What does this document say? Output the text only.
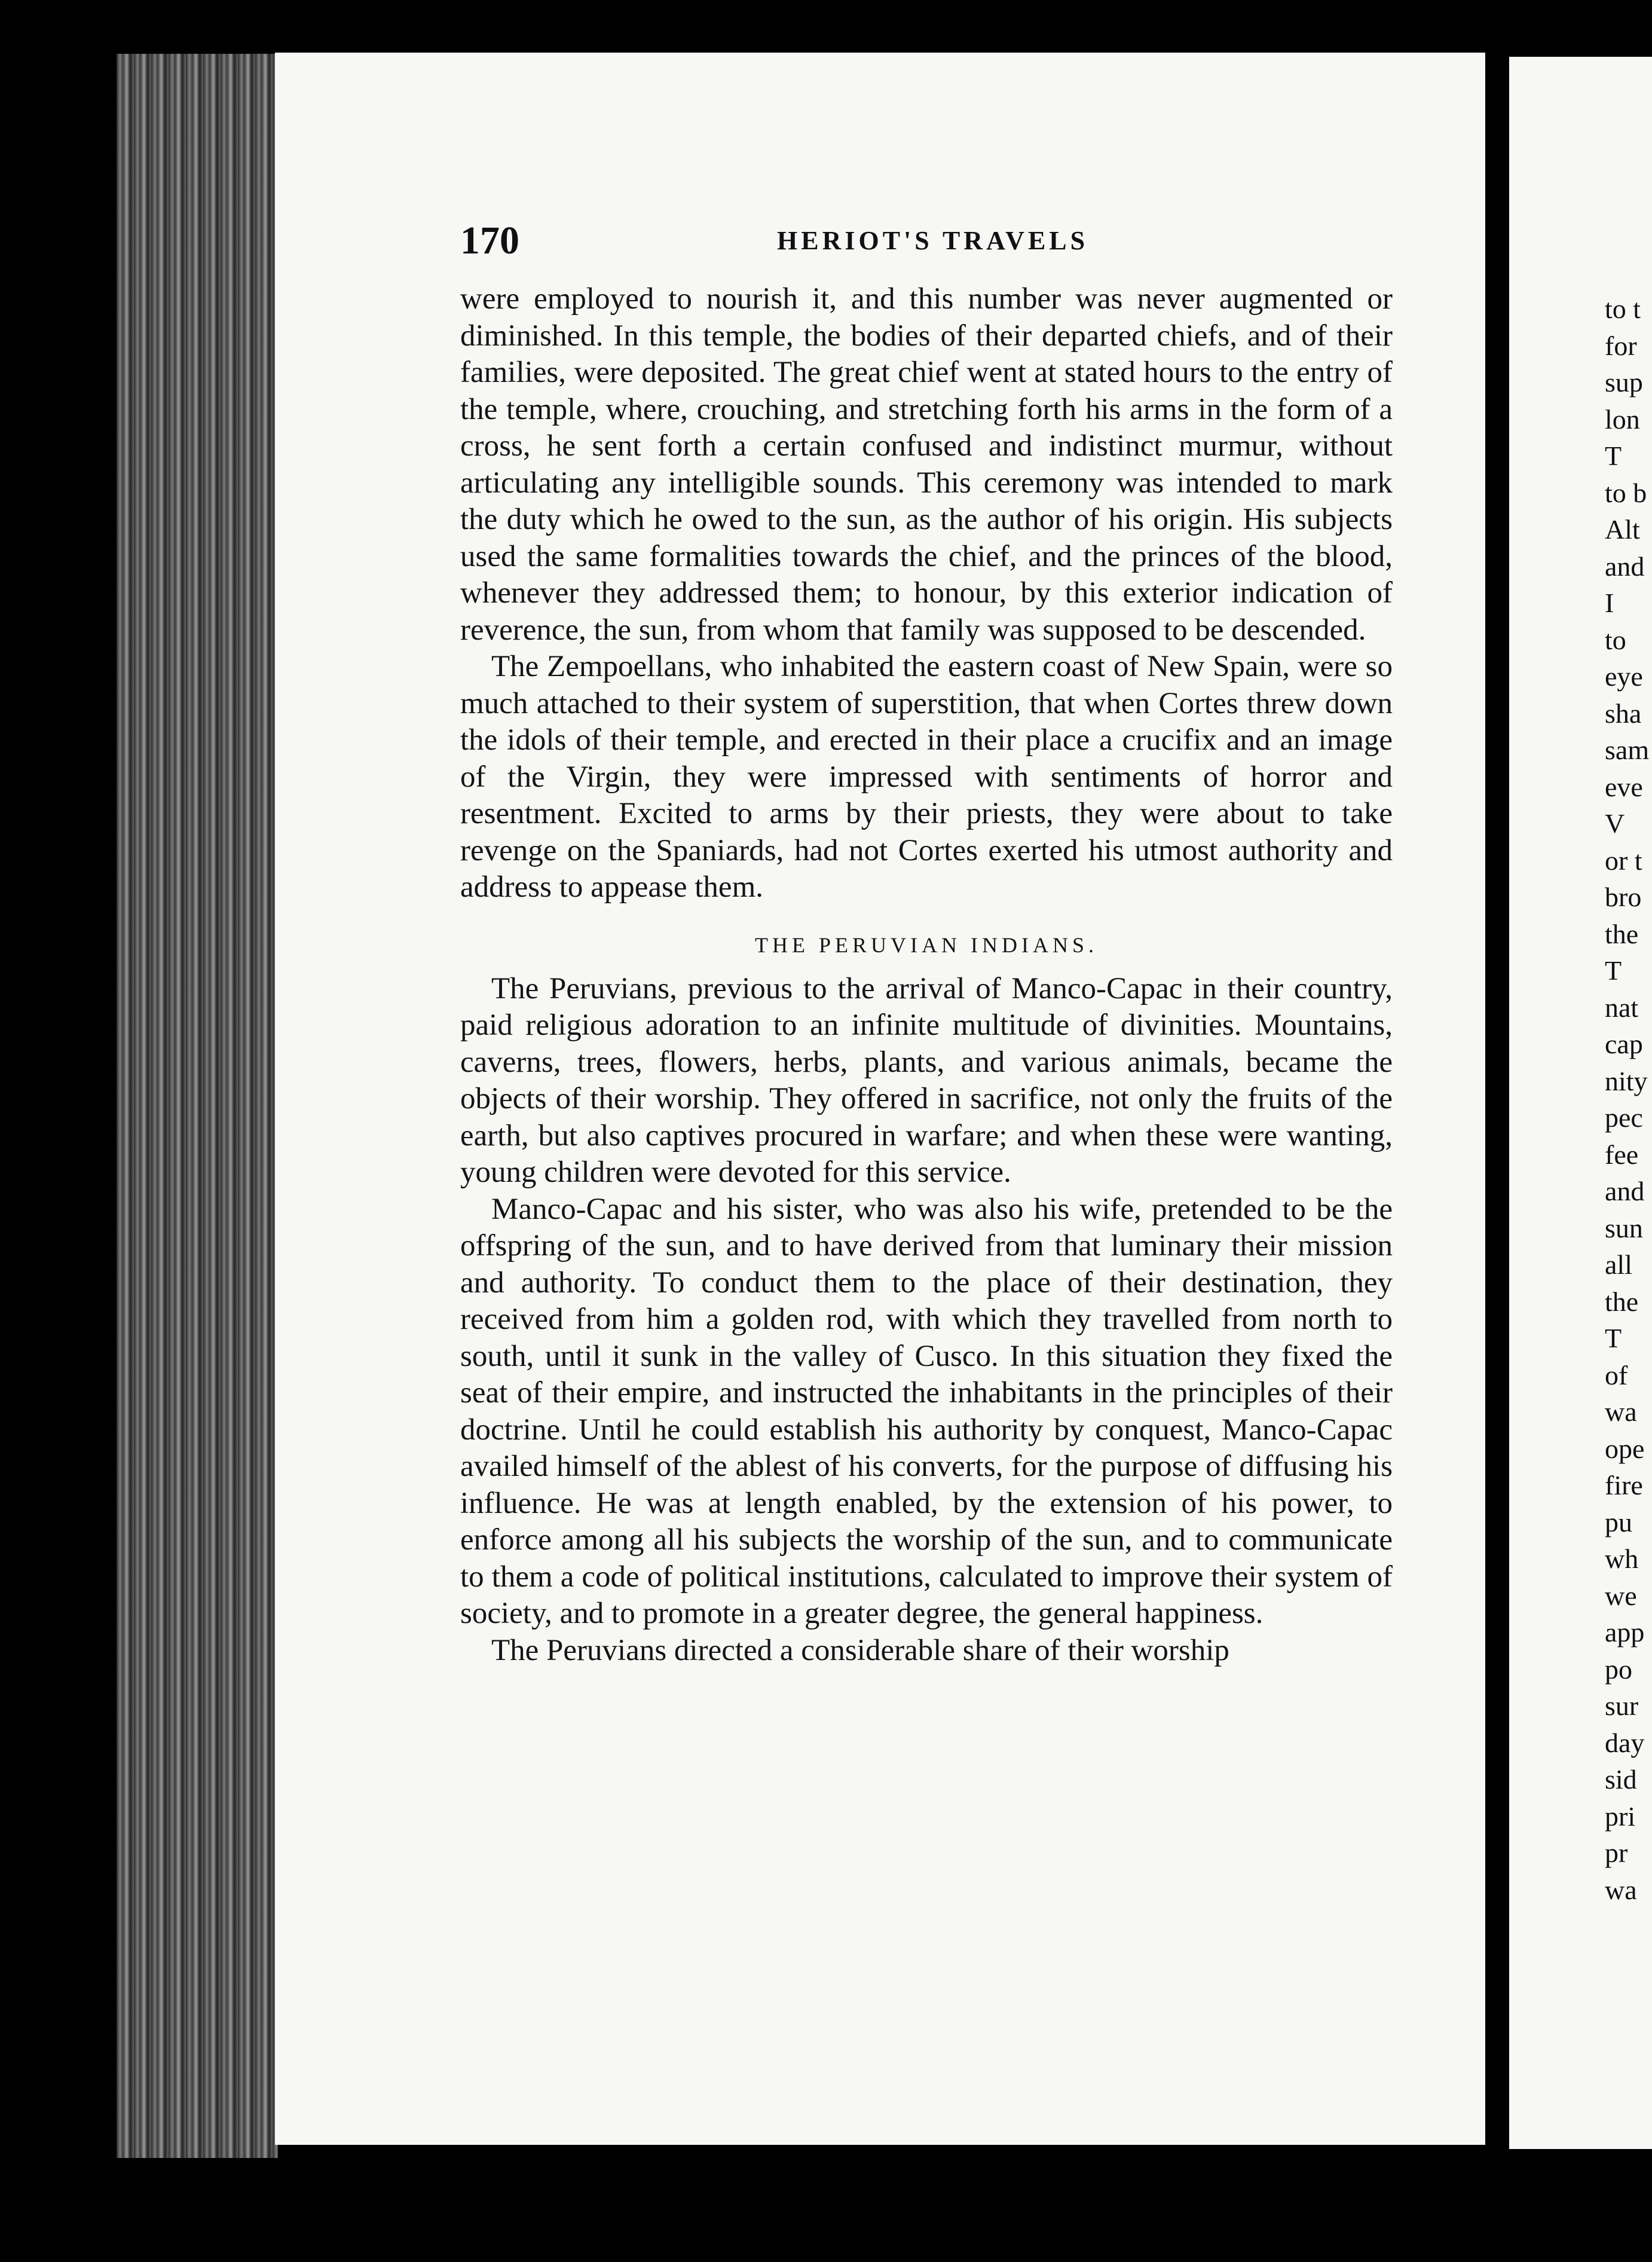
to t
for
sup
lon
T
to b
Alt
and
I
to
eye
sha
sam
eve
V
or t
bro
the
T
nat
cap
nity
pec
fee
and
sun
all
the
T
of
wa
ope
fire
pu
wh
we
app
po
sur
day
sid
pri
pr
wa
170	HERIOT'S TRAVELS

were employed to nourish it, and this number was never augmented or diminished. In this temple, the bodies of their departed chiefs, and of their families, were deposited. The great chief went at stated hours to the entry of the temple, where, crouching, and stretching forth his arms in the form of a cross, he sent forth a certain confused and indistinct murmur, without articulating any intelligible sounds. This ceremony was intended to mark the duty which he owed to the sun, as the author of his origin. His subjects used the same formalities towards the chief, and the princes of the blood, whenever they addressed them; to honour, by this exterior indication of reverence, the sun, from whom that family was supposed to be descended.

The Zempoellans, who inhabited the eastern coast of New Spain, were so much attached to their system of superstition, that when Cortes threw down the idols of their temple, and erected in their place a crucifix and an image of the Virgin, they were impressed with sentiments of horror and resentment. Excited to arms by their priests, they were about to take revenge on the Spaniards, had not Cortes exerted his utmost authority and address to appease them.

THE PERUVIAN INDIANS.

The Peruvians, previous to the arrival of Manco-Capac in their country, paid religious adoration to an infinite multitude of divinities. Mountains, caverns, trees, flowers, herbs, plants, and various animals, became the objects of their worship. They offered in sacrifice, not only the fruits of the earth, but also captives procured in warfare; and when these were wanting, young children were devoted for this service.

Manco-Capac and his sister, who was also his wife, pretended to be the offspring of the sun, and to have derived from that luminary their mission and authority. To conduct them to the place of their destination, they received from him a golden rod, with which they travelled from north to south, until it sunk in the valley of Cusco. In this situation they fixed the seat of their empire, and instructed the inhabitants in the principles of their doctrine. Until he could establish his authority by conquest, Manco-Capac availed himself of the ablest of his converts, for the purpose of diffusing his influence. He was at length enabled, by the extension of his power, to enforce among all his subjects the worship of the sun, and to communicate to them a code of political institutions, calculated to improve their system of society, and to promote in a greater degree, the general happiness.

The Peruvians directed a considerable share of their worship
